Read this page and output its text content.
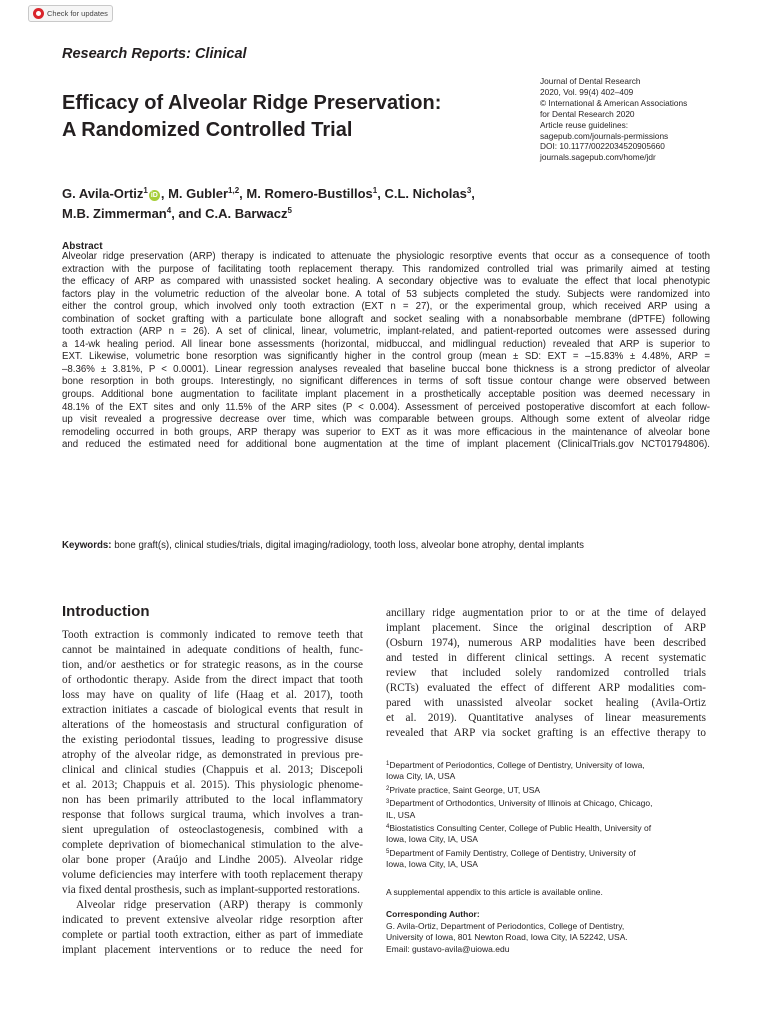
Check for updates
Research Reports: Clinical
Efficacy of Alveolar Ridge Preservation:
A Randomized Controlled Trial
Journal of Dental Research
2020, Vol. 99(4) 402–409
© International & American Associations
for Dental Research 2020
Article reuse guidelines:
sagepub.com/journals-permissions
DOI: 10.1177/0022034520905660
journals.sagepub.com/home/jdr
G. Avila-Ortiz$^1$iD , M. Gubler$^{1,2}$, M. Romero-Bustillos$^1$, C.L. Nicholas$^3$,
M.B. Zimmerman$^4$, and C.A. Barwacz$^5$
Abstract
Alveolar ridge preservation (ARP) therapy is indicated to attenuate the physiologic resorptive events that occur as a consequence of tooth
extraction with the purpose of facilitating tooth replacement therapy. This randomized controlled trial was primarily aimed at testing
the efficacy of ARP as compared with unassisted socket healing. A secondary objective was to evaluate the effect that local phenotypic
factors play in the volumetric reduction of the alveolar bone. A total of 53 subjects completed the study. Subjects were randomized into
either the control group, which involved only tooth extraction (EXT n = 27), or the experimental group, which received ARP using a
combination of socket grafting with a particulate bone allograft and socket sealing with a nonabsorbable membrane (dPTFE) following
tooth extraction (ARP n = 26). A set of clinical, linear, volumetric, implant-related, and patient-reported outcomes were assessed during
a 14-wk healing period. All linear bone assessments (horizontal, midbuccal, and midlingual reduction) revealed that ARP is superior to
EXT. Likewise, volumetric bone resorption was significantly higher in the control group (mean ± SD: EXT = –15.83% ± 4.48%, ARP =
–8.36% ± 3.81%, P < 0.0001). Linear regression analyses revealed that baseline buccal bone thickness is a strong predictor of alveolar
bone resorption in both groups. Interestingly, no significant differences in terms of soft tissue contour change were observed between
groups. Additional bone augmentation to facilitate implant placement in a prosthetically acceptable position was deemed necessary in
48.1% of the EXT sites and only 11.5% of the ARP sites (P < 0.004). Assessment of perceived postoperative discomfort at each follow-
up visit revealed a progressive decrease over time, which was comparable between groups. Although some extent of alveolar ridge
remodeling occurred in both groups, ARP therapy was superior to EXT as it was more efficacious in the maintenance of alveolar bone
and reduced the estimated need for additional bone augmentation at the time of implant placement (ClinicalTrials.gov NCT01794806).
Keywords: bone graft(s), clinical studies/trials, digital imaging/radiology, tooth loss, alveolar bone atrophy, dental implants
Introduction
Tooth extraction is commonly indicated to remove teeth that
cannot be maintained in adequate conditions of health, func-
tion, and/or aesthetics or for strategic reasons, as in the course
of orthodontic therapy. Aside from the direct impact that tooth
loss may have on quality of life (Haag et al. 2017), tooth
extraction initiates a cascade of biological events that result in
alterations of the homeostasis and structural configuration of
the existing periodontal tissues, leading to progressive disuse
atrophy of the alveolar ridge, as demonstrated in previous pre-
clinical and clinical studies (Chappuis et al. 2013; Discepoli
et al. 2013; Chappuis et al. 2015). This physiologic phenome-
non has been primarily attributed to the local inflammatory
response that follows surgical trauma, which involves a tran-
sient upregulation of osteoclastogenesis, combined with a
complete deprivation of biomechanical stimulation to the alve-
olar bone proper (Araújo and Lindhe 2005). Alveolar ridge
volume deficiencies may interfere with tooth replacement therapy
via fixed dental prosthesis, such as implant-supported restorations.
Alveolar ridge preservation (ARP) therapy is commonly
indicated to prevent extensive alveolar ridge resorption after
complete or partial tooth extraction, either as part of immediate
implant placement interventions or to reduce the need for
ancillary ridge augmentation prior to or at the time of delayed
implant placement. Since the original description of ARP
(Osburn 1974), numerous ARP modalities have been described
and tested in different clinical settings. A recent systematic
review that included solely randomized controlled trials
(RCTs) evaluated the effect of different ARP modalities com-
pared with unassisted alveolar socket healing (Avila-Ortiz
et al. 2019). Quantitative analyses of linear measurements
revealed that ARP via socket grafting is an effective therapy to
$^1$Department of Periodontics, College of Dentistry, University of Iowa,
Iowa City, IA, USA
$^2$Private practice, Saint George, UT, USA
$^3$Department of Orthodontics, University of Illinois at Chicago, Chicago,
IL, USA
$^4$Biostatistics Consulting Center, College of Public Health, University of
Iowa, Iowa City, IA, USA
$^5$Department of Family Dentistry, College of Dentistry, University of
Iowa, Iowa City, IA, USA
A supplemental appendix to this article is available online.
Corresponding Author:
G. Avila-Ortiz, Department of Periodontics, College of Dentistry,
University of Iowa, 801 Newton Road, Iowa City, IA 52242, USA.
Email: gustavo-avila@uiowa.edu
